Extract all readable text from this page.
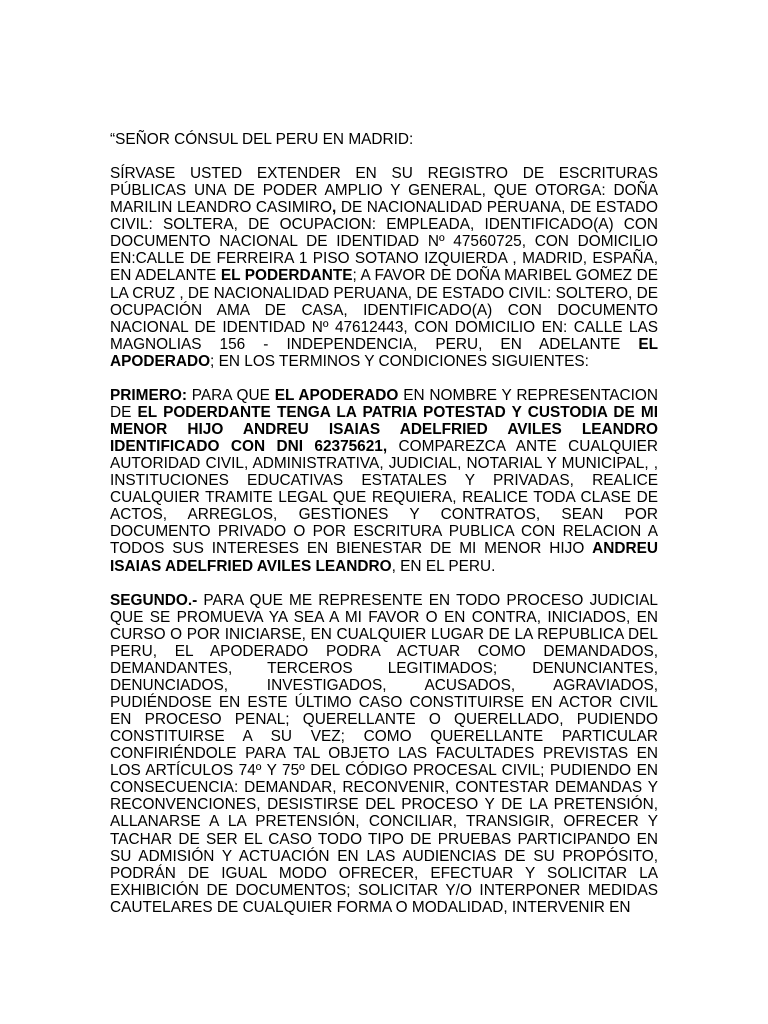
“SEÑOR CÓNSUL DEL PERU EN MADRID:

SÍRVASE USTED EXTENDER EN SU REGISTRO DE ESCRITURAS PÚBLICAS UNA DE PODER AMPLIO Y GENERAL, QUE OTORGA: DOÑA MARILIN LEANDRO CASIMIRO, DE NACIONALIDAD PERUANA, DE ESTADO CIVIL: SOLTERA, DE OCUPACION: EMPLEADA, IDENTIFICADO(A) CON DOCUMENTO NACIONAL DE IDENTIDAD Nº 47560725, CON DOMICILIO EN:CALLE DE FERREIRA 1 PISO SOTANO IZQUIERDA , MADRID, ESPAÑA, EN ADELANTE EL PODERDANTE; A FAVOR DE DOÑA MARIBEL GOMEZ DE LA CRUZ , DE NACIONALIDAD PERUANA, DE ESTADO CIVIL: SOLTERO, DE OCUPACIÓN AMA DE CASA, IDENTIFICADO(A) CON DOCUMENTO NACIONAL DE IDENTIDAD Nº 47612443, CON DOMICILIO EN: CALLE LAS MAGNOLIAS 156 - INDEPENDENCIA, PERU, EN ADELANTE EL APODERADO; EN LOS TERMINOS Y CONDICIONES SIGUIENTES:

PRIMERO: PARA QUE EL APODERADO EN NOMBRE Y REPRESENTACION DE EL PODERDANTE TENGA LA PATRIA POTESTAD Y CUSTODIA DE MI MENOR HIJO ANDREU ISAIAS ADELFRIED AVILES LEANDRO IDENTIFICADO CON DNI 62375621, COMPAREZCA ANTE CUALQUIER AUTORIDAD CIVIL, ADMINISTRATIVA, JUDICIAL, NOTARIAL Y MUNICIPAL, , INSTITUCIONES EDUCATIVAS ESTATALES Y PRIVADAS, REALICE CUALQUIER TRAMITE LEGAL QUE REQUIERA, REALICE TODA CLASE DE ACTOS, ARREGLOS, GESTIONES Y CONTRATOS, SEAN POR DOCUMENTO PRIVADO O POR ESCRITURA PUBLICA CON RELACION A TODOS SUS INTERESES EN BIENESTAR DE MI MENOR HIJO ANDREU ISAIAS ADELFRIED AVILES LEANDRO, EN EL PERU.

SEGUNDO.- PARA QUE ME REPRESENTE EN TODO PROCESO JUDICIAL QUE SE PROMUEVA YA SEA A MI FAVOR O EN CONTRA, INICIADOS, EN CURSO O POR INICIARSE, EN CUALQUIER LUGAR DE LA REPUBLICA DEL PERU, EL APODERADO PODRA ACTUAR COMO DEMANDADOS, DEMANDANTES, TERCEROS LEGITIMADOS; DENUNCIANTES, DENUNCIADOS, INVESTIGADOS, ACUSADOS, AGRAVIADOS, PUDIÉNDOSE EN ESTE ÚLTIMO CASO CONSTITUIRSE EN ACTOR CIVIL EN PROCESO PENAL; QUERELLANTE O QUERELLADO, PUDIENDO CONSTITUIRSE A SU VEZ; COMO QUERELLANTE PARTICULAR CONFIRIÉNDOLE PARA TAL OBJETO LAS FACULTADES PREVISTAS EN LOS ARTÍCULOS 74º Y 75º DEL CÓDIGO PROCESAL CIVIL; PUDIENDO EN CONSECUENCIA: DEMANDAR, RECONVENIR, CONTESTAR DEMANDAS Y RECONVENCIONES, DESISTIRSE DEL PROCESO Y DE LA PRETENSIÓN, ALLANARSE A LA PRETENSIÓN, CONCILIAR, TRANSIGIR, OFRECER Y TACHAR DE SER EL CASO TODO TIPO DE PRUEBAS PARTICIPANDO EN SU ADMISIÓN Y ACTUACIÓN EN LAS AUDIENCIAS DE SU PROPÓSITO, PODRÁN DE IGUAL MODO OFRECER, EFECTUAR Y SOLICITAR LA EXHIBICIÓN DE DOCUMENTOS; SOLICITAR Y/O INTERPONER MEDIDAS CAUTELARES DE CUALQUIER FORMA O MODALIDAD, INTERVENIR EN
